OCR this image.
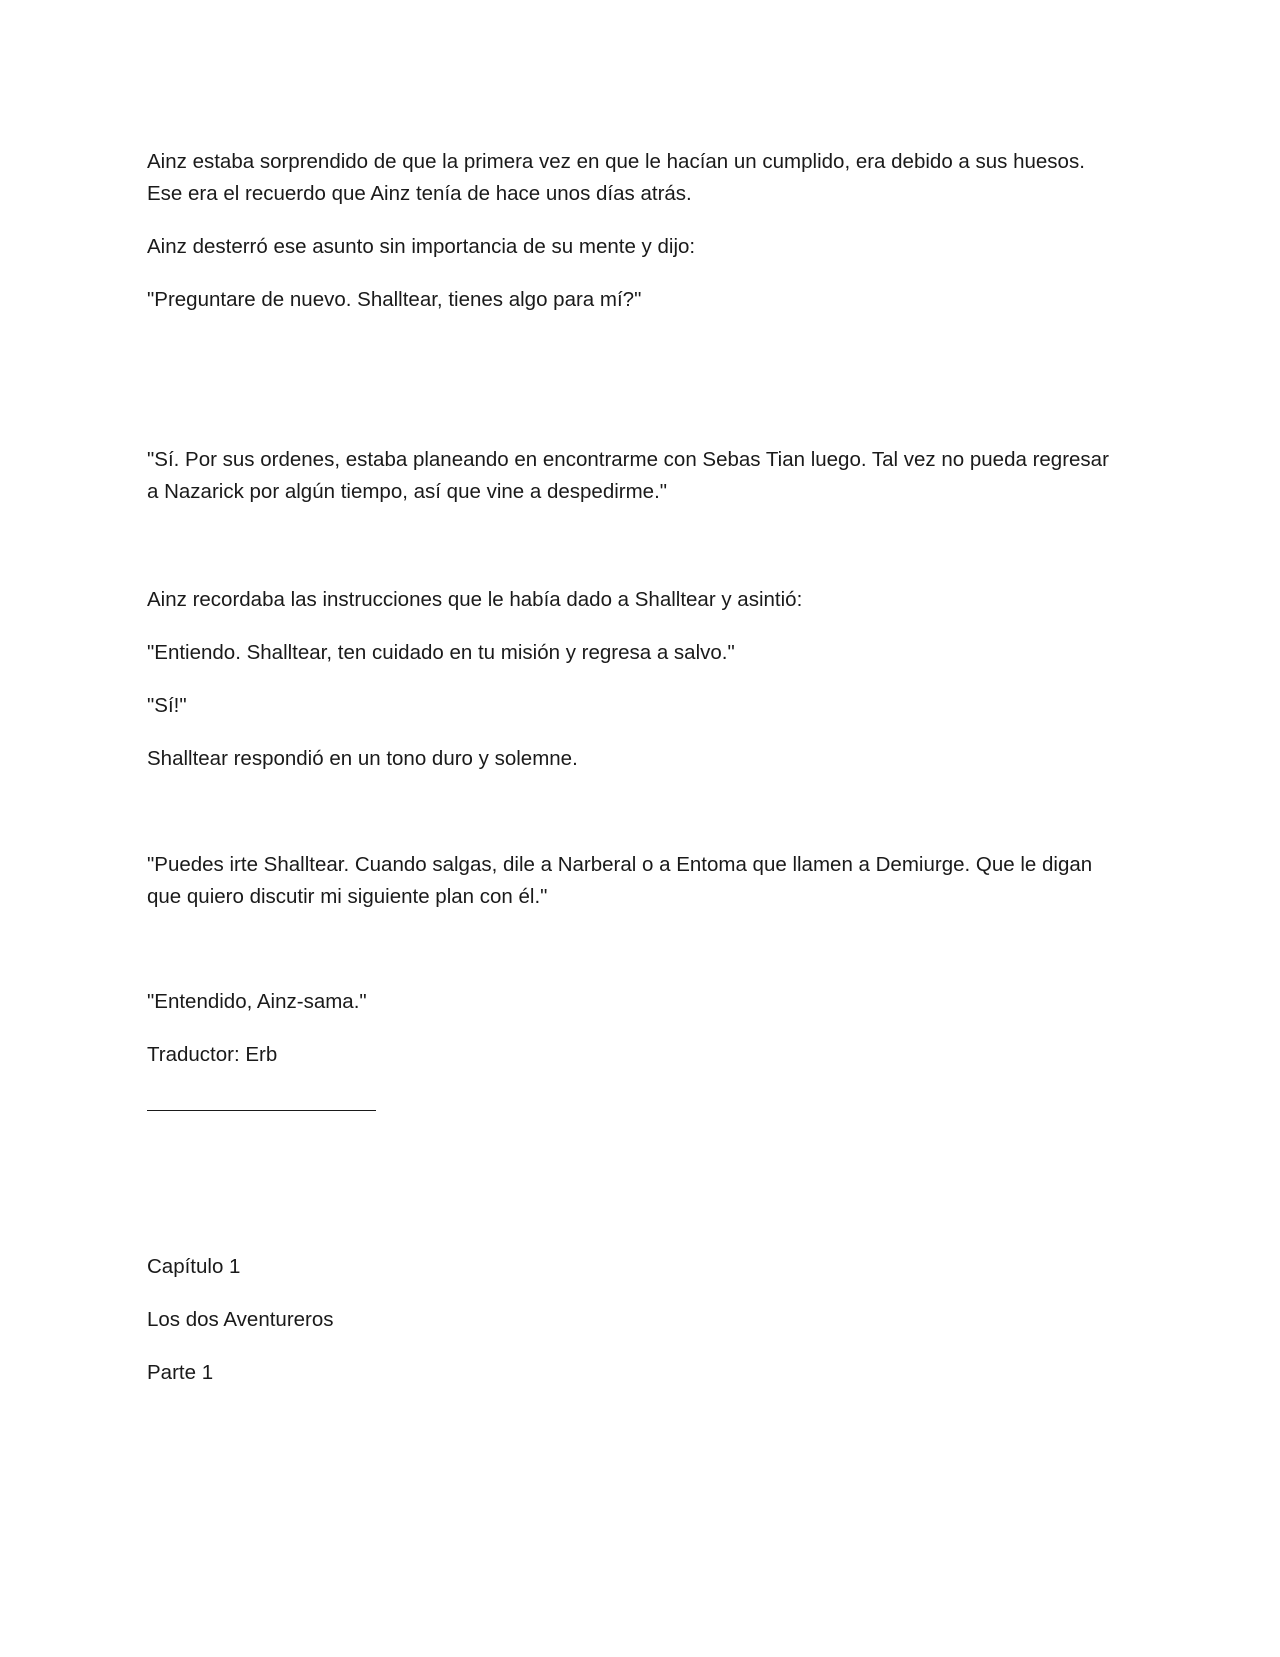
Ainz estaba sorprendido de que la primera vez en que le hacían un cumplido, era debido a sus huesos.
Ese era el recuerdo que Ainz tenía de hace unos días atrás.

Ainz desterró ese asunto sin importancia de su mente y dijo:

"Preguntare de nuevo. Shalltear, tienes algo para mí?"

"Sí. Por sus ordenes, estaba planeando en encontrarme con Sebas Tian luego. Tal vez no pueda regresar
a Nazarick por algún tiempo, así que vine a despedirme."

Ainz recordaba las instrucciones que le había dado a Shalltear y asintió:

"Entiendo. Shalltear, ten cuidado en tu misión y regresa a salvo."

"Sí!"

Shalltear respondió en un tono duro y solemne.

"Puedes irte Shalltear. Cuando salgas, dile a Narberal o a Entoma que llamen a Demiurge. Que le digan
que quiero discutir mi siguiente plan con él."

"Entendido, Ainz-sama."

Traductor: Erb

Capítulo 1

Los dos Aventureros

Parte 1
